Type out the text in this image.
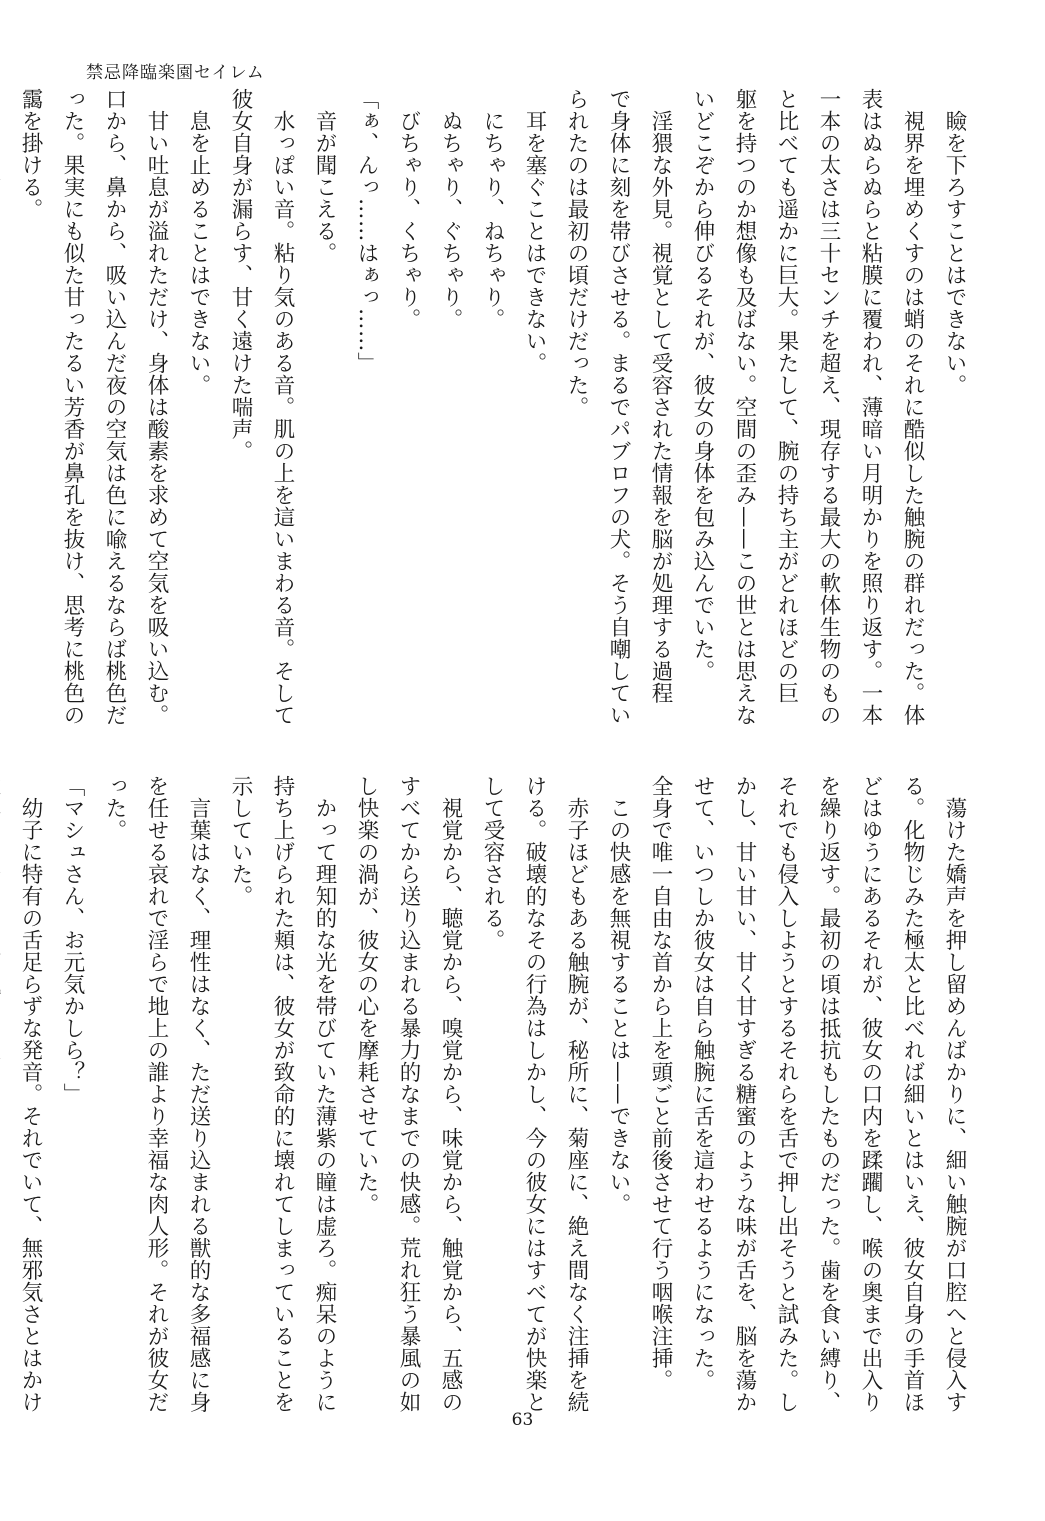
禁忌降臨楽園セイレム
瞼を下ろすことはできない。
視界を埋めくすのは蛸のそれに酷似した触腕の群れだった。体
表はぬらぬらと粘膜に覆われ、薄暗い月明かりを照り返す。一本
一本の太さは三十センチを超え、現存する最大の軟体生物のもの
と比べても遥かに巨大。果たして、腕の持ち主がどれほどの巨
躯を持つのか想像も及ばない。空間の歪み——この世とは思えな
いどこぞから伸びるそれが、彼女の身体を包み込んでいた。
淫猥な外見。視覚として受容された情報を脳が処理する過程
で身体に刻を帯びさせる。まるでパブロフの犬。そう自嘲してい
られたのは最初の頃だけだった。
耳を塞ぐことはできない。
にちゃり、ねちゃり。
ぬちゃり、ぐちゃり。
びちゃり、くちゃり。
「ぁ、んっ……はぁっ……」
音が聞こえる。
水っぽい音。粘り気のある音。肌の上を這いまわる音。そして
彼女自身が漏らす、甘く遠けた喘声。
息を止めることはできない。
甘い吐息が溢れただけ、身体は酸素を求めて空気を吸い込む。
口から、鼻から、吸い込んだ夜の空気は色に喩えるならば桃色だ
った。果実にも似た甘ったるい芳香が鼻孔を抜け、思考に桃色の
靄を掛ける。
蕩けた嬌声を押し留めんばかりに、細い触腕が口腔へと侵入す
る。化物じみた極太と比べれば細いとはいえ、彼女自身の手首ほ
どはゆうにあるそれが、彼女の口内を蹂躙し、喉の奥まで出入り
を繰り返す。最初の頃は抵抗もしたものだった。歯を食い縛り、
それでも侵入しようとするそれらを舌で押し出そうと試みた。し
かし、甘い甘い、甘く甘すぎる糖蜜のような味が舌を、脳を蕩か
せて、いつしか彼女は自ら触腕に舌を這わせるようになった。
全身で唯一自由な首から上を頭ごと前後させて行う咽喉注挿。
この快感を無視することは——できない。
赤子ほどもある触腕が、秘所に、菊座に、絶え間なく注挿を続
ける。破壊的なその行為はしかし、今の彼女にはすべてが快楽と
して受容される。
視覚から、聴覚から、嗅覚から、味覚から、触覚から、五感の
すべてから送り込まれる暴力的なまでの快感。荒れ狂う暴風の如
し快楽の渦が、彼女の心を摩耗させていた。
かって理知的な光を帯びていた薄紫の瞳は虚ろ。痴呆のように
持ち上げられた頬は、彼女が致命的に壊れてしまっていることを
示していた。
言葉はなく、理性はなく、ただ送り込まれる獣的な多福感に身
を任せる哀れで淫らで地上の誰より幸福な肉人形。それが彼女だ
った。
「マシュさん、お元気かしら？」
幼子に特有の舌足らずな発音。それでいて、無邪気さとはかけ
63
